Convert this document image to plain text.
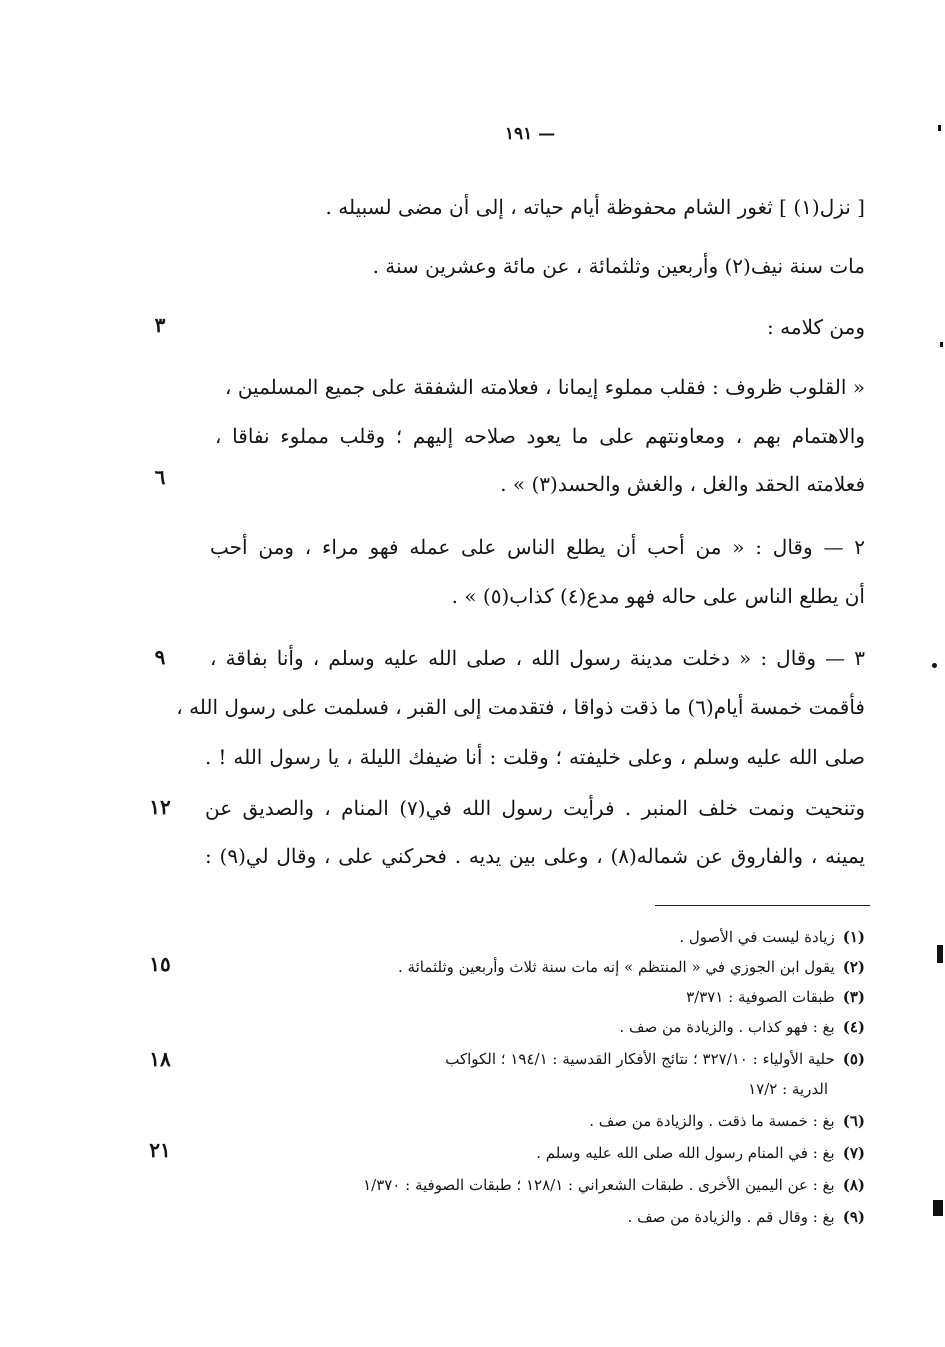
— ١٩١
[ نزل(١) ] ثغور الشام محفوظة أيام حياته ، إلى أن مضى لسبيله .
مات سنة نيف(٢) وأربعين وثلثمائة ، عن مائة وعشرين سنة .
ومن كلامه :
« القلوب ظروف : فقلب مملوء إيمانا ، فعلامته الشفقة على جميع المسلمين ،
والاهتمام بهم ، ومعاونتهم على ما يعود صلاحه إليهم ؛ وقلب مملوء نفاقا ،
فعلامته الحقد والغل ، والغش والحسد(٣) » .
٢ — وقال : « من أحب أن يطلع الناس على عمله فهو مراء ، ومن أحب
أن يطلع الناس على حاله فهو مدع(٤) كذاب(٥) » .
٣ — وقال : « دخلت مدينة رسول الله ، صلى الله عليه وسلم ، وأنا بفاقة ،
فأقمت خمسة أيام(٦) ما ذقت ذواقا ، فتقدمت إلى القبر ، فسلمت على رسول الله ،
صلى الله عليه وسلم ، وعلى خليفته ؛ وقلت : أنا ضيفك الليلة ، يا رسول الله ! .
وتنحيت ونمت خلف المنبر . فرأيت رسول الله في(٧) المنام ، والصديق عن
يمينه ، والفاروق عن شماله(٨) ، وعلى بين يديه . فحركني على ، وقال لي(٩) :
٣
٦
٩
١٢
١٥
١٨
٢١
(١)زيادة ليست في الأصول .
(٢)يقول ابن الجوزي في « المنتظم » إنه مات سنة ثلاث وأربعين وثلثمائة .
(٣)طبقات الصوفية : ٣/٣٧١
(٤)بغ : فهو كذاب . والزيادة من صف .
(٥)حلية الأولياء : ٣٢٧/١٠ ؛ نتائج الأفكار القدسية : ١٩٤/١ ؛ الكواكب
الدرية : ١٧/٢
(٦)بغ : خمسة ما ذقت . والزيادة من صف .
(٧)بغ : في المنام رسول الله صلى الله عليه وسلم .
(٨)بغ : عن اليمين الأخرى . طبقات الشعراني : ١٢٨/١ ؛ طبقات الصوفية : ١/٣٧٠
(٩)بغ : وقال قم . والزيادة من صف .
